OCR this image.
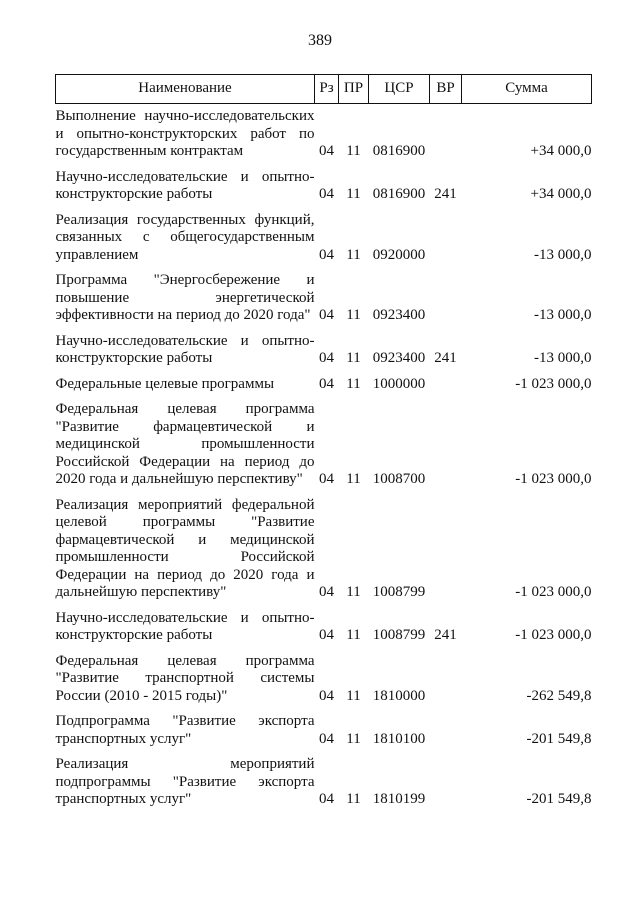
389
Наименование	Рз	ПР	ЦСР	ВР	Сумма
Выполнение научно-исследовательских и опытно-конструкторских работ по государственным контрактам	04	11	0816900		+34 000,0
Научно-исследовательские и опытно-конструкторские работы	04	11	0816900	241	+34 000,0
Реализация государственных функций, связанных с общегосударственным управлением	04	11	0920000		-13 000,0
Программа "Энергосбережение и повышение энергетической эффективности на период до 2020 года"	04	11	0923400		-13 000,0
Научно-исследовательские и опытно-конструкторские работы	04	11	0923400	241	-13 000,0
Федеральные целевые программы	04	11	1000000		-1 023 000,0
Федеральная целевая программа "Развитие фармацевтической и медицинской промышленности Российской Федерации на период до 2020 года и дальнейшую перспективу"	04	11	1008700		-1 023 000,0
Реализация мероприятий федеральной целевой программы "Развитие фармацевтической и медицинской промышленности Российской Федерации на период до 2020 года и дальнейшую перспективу"	04	11	1008799		-1 023 000,0
Научно-исследовательские и опытно-конструкторские работы	04	11	1008799	241	-1 023 000,0
Федеральная целевая программа "Развитие транспортной системы России (2010 - 2015 годы)"	04	11	1810000		-262 549,8
Подпрограмма "Развитие экспорта транспортных услуг"	04	11	1810100		-201 549,8
Реализация мероприятий подпрограммы "Развитие экспорта транспортных услуг"	04	11	1810199		-201 549,8
